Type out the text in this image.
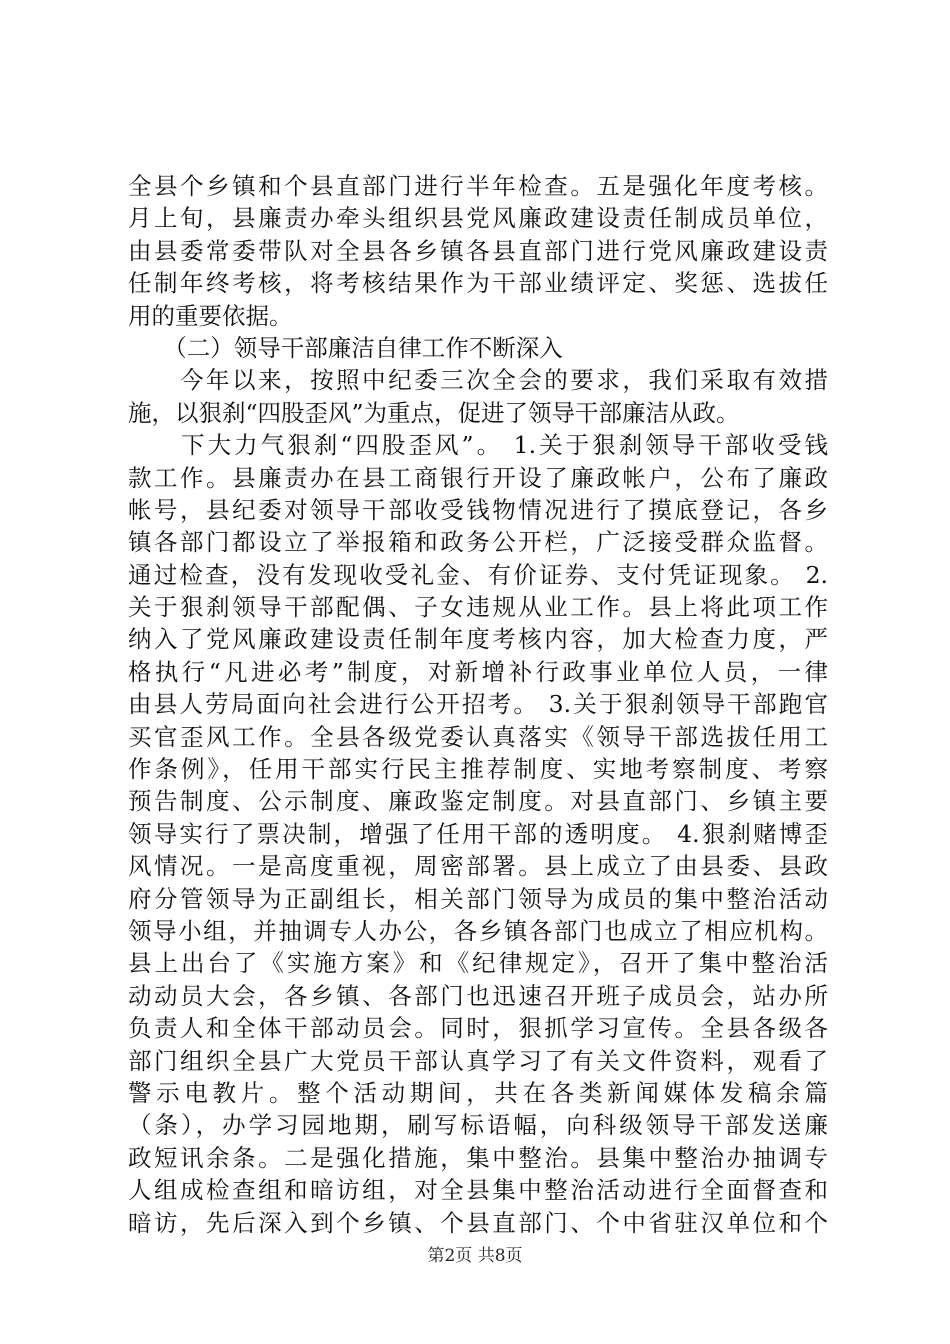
全县个乡镇和个县直部门进行半年检查。五是强化年度考核。
月上旬，县廉责办牵头组织县党风廉政建设责任制成员单位，
由县委常委带队对全县各乡镇各县直部门进行党风廉政建设责
任制年终考核，将考核结果作为干部业绩评定、奖惩、选拔任
用的重要依据。
　　（二）领导干部廉洁自律工作不断深入
　　今年以来，按照中纪委三次全会的要求，我们采取有效措
施，以狠刹“四股歪风”为重点，促进了领导干部廉洁从政。
　　下大力气狠刹“四股歪风”。 1.关于狠刹领导干部收受钱
款工作。县廉责办在县工商银行开设了廉政帐户，公布了廉政
帐号，县纪委对领导干部收受钱物情况进行了摸底登记，各乡
镇各部门都设立了举报箱和政务公开栏，广泛接受群众监督。
通过检查，没有发现收受礼金、有价证券、支付凭证现象。 2.
关于狠刹领导干部配偶、子女违规从业工作。县上将此项工作
纳入了党风廉政建设责任制年度考核内容，加大检查力度，严
格执行“凡进必考”制度，对新增补行政事业单位人员，一律
由县人劳局面向社会进行公开招考。 3.关于狠刹领导干部跑官
买官歪风工作。全县各级党委认真落实《领导干部选拔任用工
作条例》，任用干部实行民主推荐制度、实地考察制度、考察
预告制度、公示制度、廉政鉴定制度。对县直部门、乡镇主要
领导实行了票决制，增强了任用干部的透明度。 4.狠刹赌博歪
风情况。一是高度重视，周密部署。县上成立了由县委、县政
府分管领导为正副组长，相关部门领导为成员的集中整治活动
领导小组，并抽调专人办公，各乡镇各部门也成立了相应机构。
县上出台了《实施方案》和《纪律规定》，召开了集中整治活
动动员大会，各乡镇、各部门也迅速召开班子成员会，站办所
负责人和全体干部动员会。同时，狠抓学习宣传。全县各级各
部门组织全县广大党员干部认真学习了有关文件资料，观看了
警示电教片。整个活动期间，共在各类新闻媒体发稿余篇
（条），办学习园地期，刷写标语幅，向科级领导干部发送廉
政短讯余条。二是强化措施，集中整治。县集中整治办抽调专
人组成检查组和暗访组，对全县集中整治活动进行全面督查和
暗访，先后深入到个乡镇、个县直部门、个中省驻汉单位和个
第2页 共8页
